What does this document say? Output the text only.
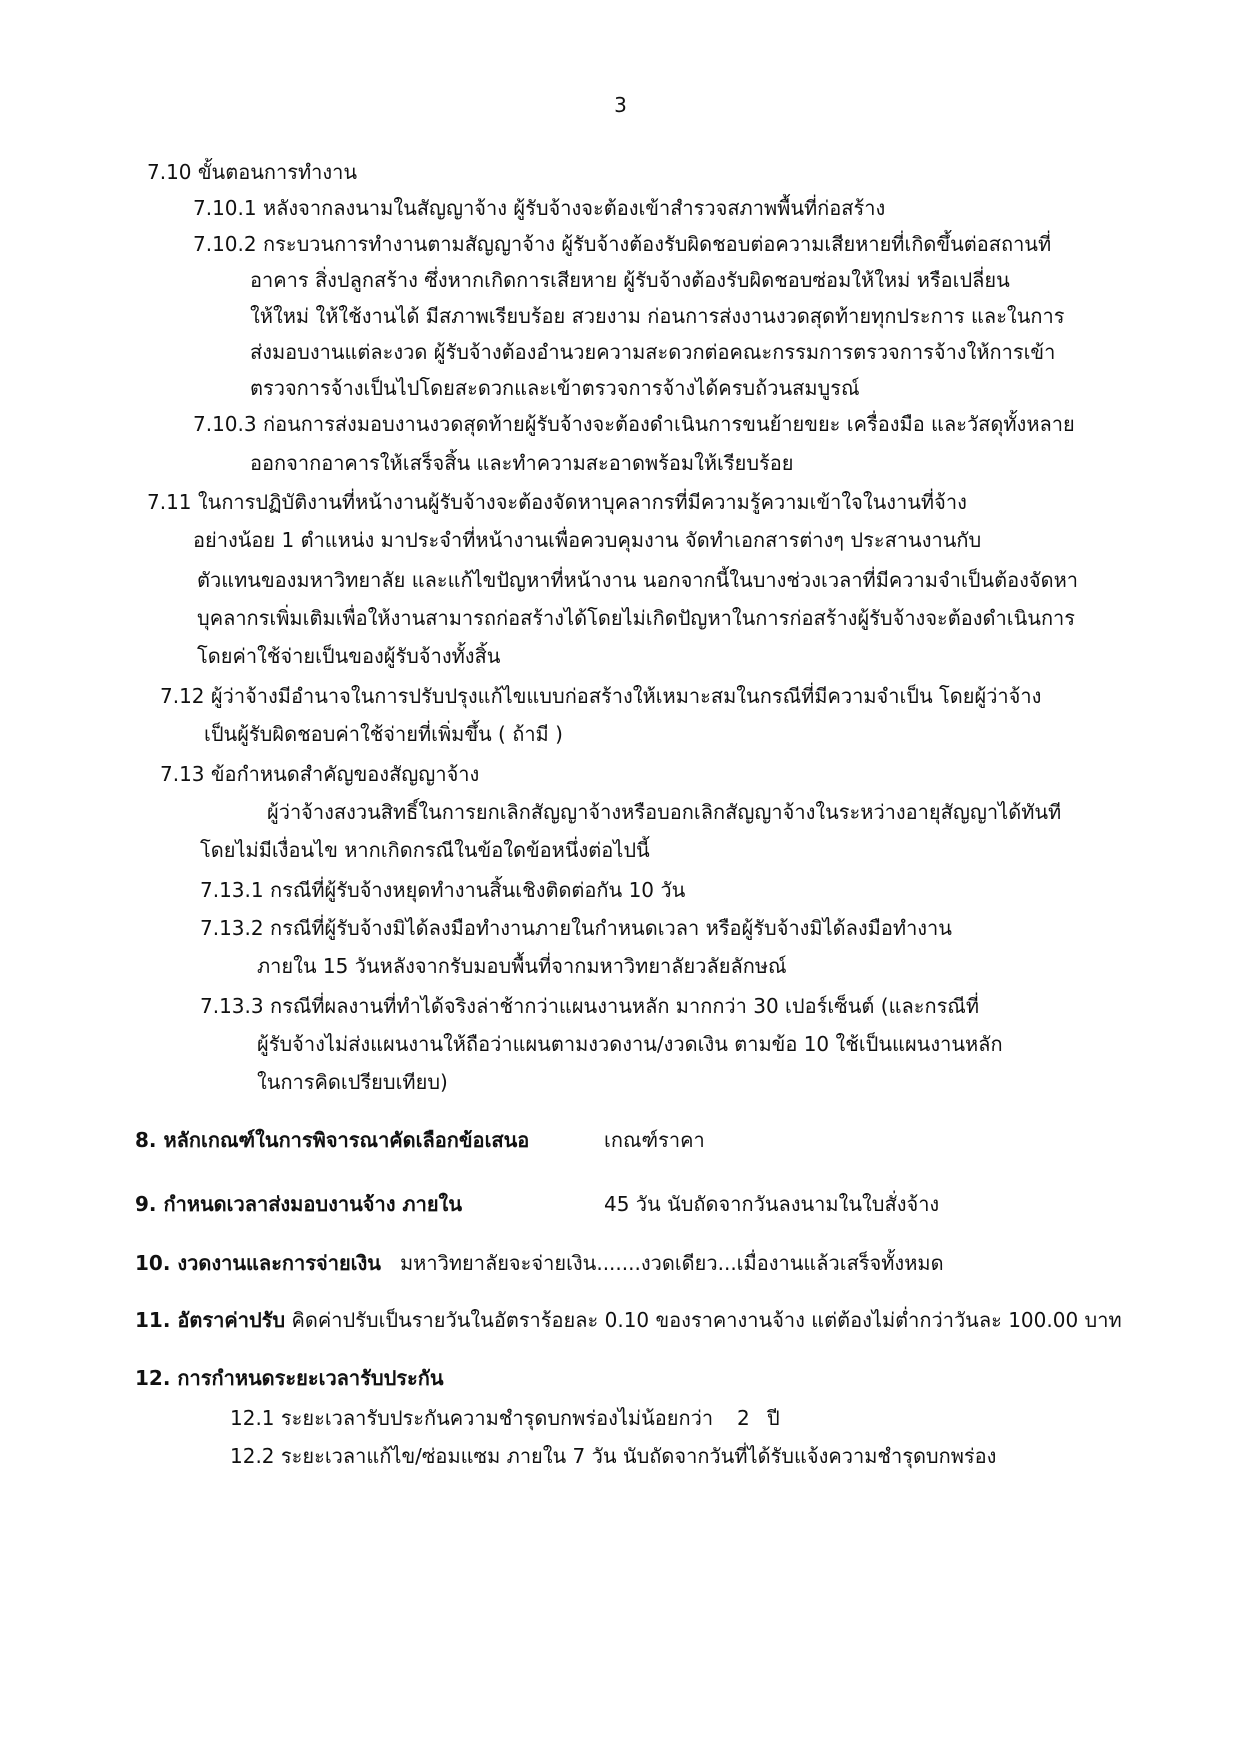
3
7.10 ขั้นตอนการทำงาน
7.10.1 หลังจากลงนามในสัญญาจ้าง ผู้รับจ้างจะต้องเข้าสำรวจสภาพพื้นที่ก่อสร้าง
7.10.2 กระบวนการทำงานตามสัญญาจ้าง ผู้รับจ้างต้องรับผิดชอบต่อความเสียหายที่เกิดขึ้นต่อสถานที่
อาคาร สิ่งปลูกสร้าง ซึ่งหากเกิดการเสียหาย ผู้รับจ้างต้องรับผิดชอบซ่อมให้ใหม่ หรือเปลี่ยน
ให้ใหม่ ให้ใช้งานได้ มีสภาพเรียบร้อย สวยงาม ก่อนการส่งงานงวดสุดท้ายทุกประการ และในการ
ส่งมอบงานแต่ละงวด ผู้รับจ้างต้องอำนวยความสะดวกต่อคณะกรรมการตรวจการจ้างให้การเข้า
ตรวจการจ้างเป็นไปโดยสะดวกและเข้าตรวจการจ้างได้ครบถ้วนสมบูรณ์
7.10.3 ก่อนการส่งมอบงานงวดสุดท้ายผู้รับจ้างจะต้องดำเนินการขนย้ายขยะ เครื่องมือ และวัสดุทั้งหลาย
ออกจากอาคารให้เสร็จสิ้น และทำความสะอาดพร้อมให้เรียบร้อย
7.11 ในการปฏิบัติงานที่หน้างานผู้รับจ้างจะต้องจัดหาบุคลากรที่มีความรู้ความเข้าใจในงานที่จ้าง
อย่างน้อย 1 ตำแหน่ง มาประจำที่หน้างานเพื่อควบคุมงาน จัดทำเอกสารต่างๆ ประสานงานกับ
ตัวแทนของมหาวิทยาลัย และแก้ไขปัญหาที่หน้างาน นอกจากนี้ในบางช่วงเวลาที่มีความจำเป็นต้องจัดหา
บุคลากรเพิ่มเติมเพื่อให้งานสามารถก่อสร้างได้โดยไม่เกิดปัญหาในการก่อสร้างผู้รับจ้างจะต้องดำเนินการ
โดยค่าใช้จ่ายเป็นของผู้รับจ้างทั้งสิ้น
7.12 ผู้ว่าจ้างมีอำนาจในการปรับปรุงแก้ไขแบบก่อสร้างให้เหมาะสมในกรณีที่มีความจำเป็น โดยผู้ว่าจ้าง
เป็นผู้รับผิดชอบค่าใช้จ่ายที่เพิ่มขึ้น ( ถ้ามี )
7.13 ข้อกำหนดสำคัญของสัญญาจ้าง
ผู้ว่าจ้างสงวนสิทธิ์ในการยกเลิกสัญญาจ้างหรือบอกเลิกสัญญาจ้างในระหว่างอายุสัญญาได้ทันที
โดยไม่มีเงื่อนไข หากเกิดกรณีในข้อใดข้อหนึ่งต่อไปนี้
7.13.1 กรณีที่ผู้รับจ้างหยุดทำงานสิ้นเชิงติดต่อกัน 10 วัน
7.13.2 กรณีที่ผู้รับจ้างมิได้ลงมือทำงานภายในกำหนดเวลา หรือผู้รับจ้างมิได้ลงมือทำงาน
ภายใน 15 วันหลังจากรับมอบพื้นที่จากมหาวิทยาลัยวลัยลักษณ์
7.13.3 กรณีที่ผลงานที่ทำได้จริงล่าช้ากว่าแผนงานหลัก มากกว่า 30 เปอร์เซ็นต์ (และกรณีที่
ผู้รับจ้างไม่ส่งแผนงานให้ถือว่าแผนตามงวดงาน/งวดเงิน ตามข้อ 10 ใช้เป็นแผนงานหลัก
ในการคิดเปรียบเทียบ)
8. หลักเกณฑ์ในการพิจารณาคัดเลือกข้อเสนอ	เกณฑ์ราคา
9. กำหนดเวลาส่งมอบงานจ้าง ภายใน	45 วัน นับถัดจากวันลงนามในใบสั่งจ้าง
10. งวดงานและการจ่ายเงิน มหาวิทยาลัยจะจ่ายเงิน.......งวดเดียว...เมื่องานแล้วเสร็จทั้งหมด
11. อัตราค่าปรับ คิดค่าปรับเป็นรายวันในอัตราร้อยละ 0.10 ของราคางานจ้าง แต่ต้องไม่ต่ำกว่าวันละ 100.00 บาท
12. การกำหนดระยะเวลารับประกัน
12.1 ระยะเวลารับประกันความชำรุดบกพร่องไม่น้อยกว่า 2 ปี
12.2 ระยะเวลาแก้ไข/ซ่อมแซม ภายใน 7 วัน นับถัดจากวันที่ได้รับแจ้งความชำรุดบกพร่อง
